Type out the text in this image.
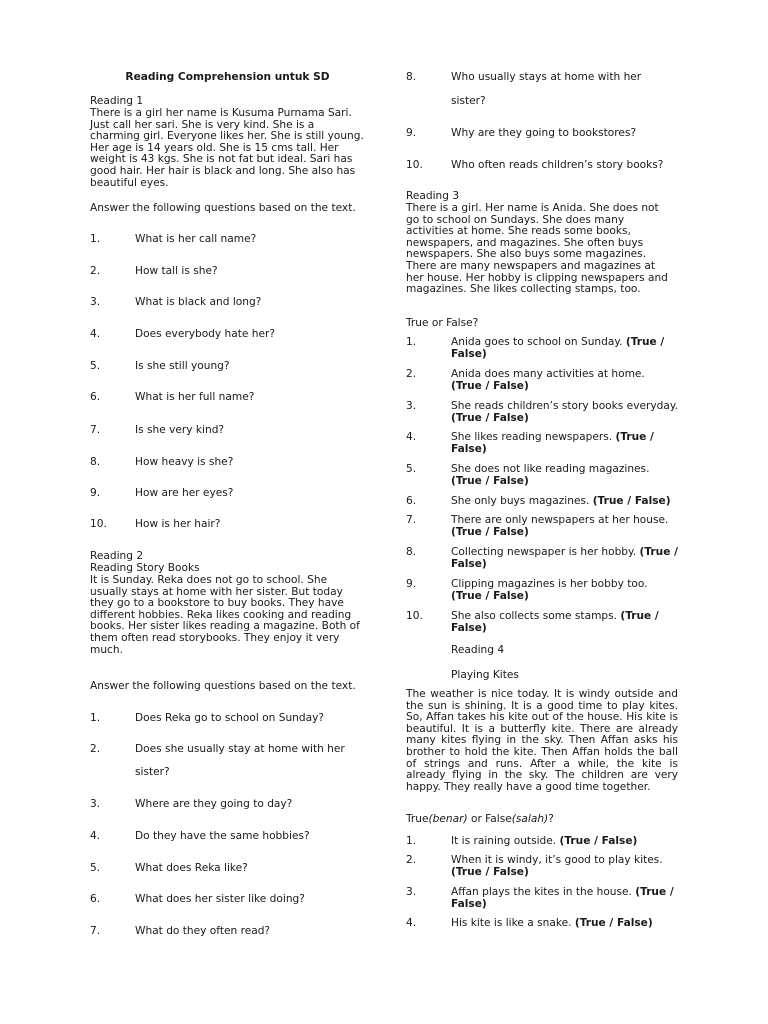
Reading Comprehension untuk SD
Reading 1
There is a girl her name is Kusuma Purnama Sari. Just call her sari. She is very kind. She is a charming girl. Everyone likes her. She is still young. Her age is 14 years old. She is 15 cms tall. Her weight is 43 kgs. She is not fat but ideal. Sari has good hair. Her hair is black and long. She also has beautiful eyes.
Answer the following questions based on the text.
1.	What is her call name?
2.	How tall is she?
3.	What is black and long?
4.	Does everybody hate her?
5.	Is she still young?
6.	What is her full name?
7.	Is she very kind?
8.	How heavy is she?
9.	How are her eyes?
10.	How is her hair?
Reading 2
Reading Story Books
It is Sunday. Reka does not go to school. She usually stays at home with her sister. But today they go to a bookstore to buy books. They have different hobbies. Reka likes cooking and reading books. Her sister likes reading a magazine. Both of them often read storybooks. They enjoy it very much.
Answer the following questions based on the text.
1.	Does Reka go to school on Sunday?
2.	Does she usually stay at home with her
sister?
3.	Where are they going to day?
4.	Do they have the same hobbies?
5.	What does Reka like?
6.	What does her sister like doing?
7.	What do they often read?
8.	Who usually stays at home with her
sister?
9.	Why are they going to bookstores?
10.	Who often reads children’s story books?
Reading 3
There is a girl. Her name is Anida. She does not go to school on Sundays. She does many activities at home. She reads some books, newspapers, and magazines. She often buys newspapers. She also buys some magazines. There are many newspapers and magazines at her house. Her hobby is clipping newspapers and magazines. She likes collecting stamps, too.
True or False?
1.	Anida goes to school on Sunday. (True / False)
2.	Anida does many activities at home. (True / False)
3.	She reads children’s story books everyday. (True / False)
4.	She likes reading newspapers. (True / False)
5.	She does not like reading magazines. (True / False)
6.	She only buys magazines. (True / False)
7.	There are only newspapers at her house. (True / False)
8.	Collecting newspaper is her hobby. (True / False)
9.	Clipping magazines is her bobby too. (True / False)
10.	She also collects some stamps. (True / False)
Reading 4
Playing Kites
The weather is nice today. It is windy outside and the sun is shining. It is a good time to play kites. So, Affan takes his kite out of the house. His kite is beautiful. It is a butterfly kite. There are already many kites flying in the sky. Then Affan asks his brother to hold the kite. Then Affan holds the ball of strings and runs. After a while, the kite is already flying in the sky. The children are very happy. They really have a good time together.
True(benar) or False(salah)?
1.	It is raining outside. (True / False)
2.	When it is windy, it’s good to play kites. (True / False)
3.	Affan plays the kites in the house. (True / False)
4.	His kite is like a snake. (True / False)
